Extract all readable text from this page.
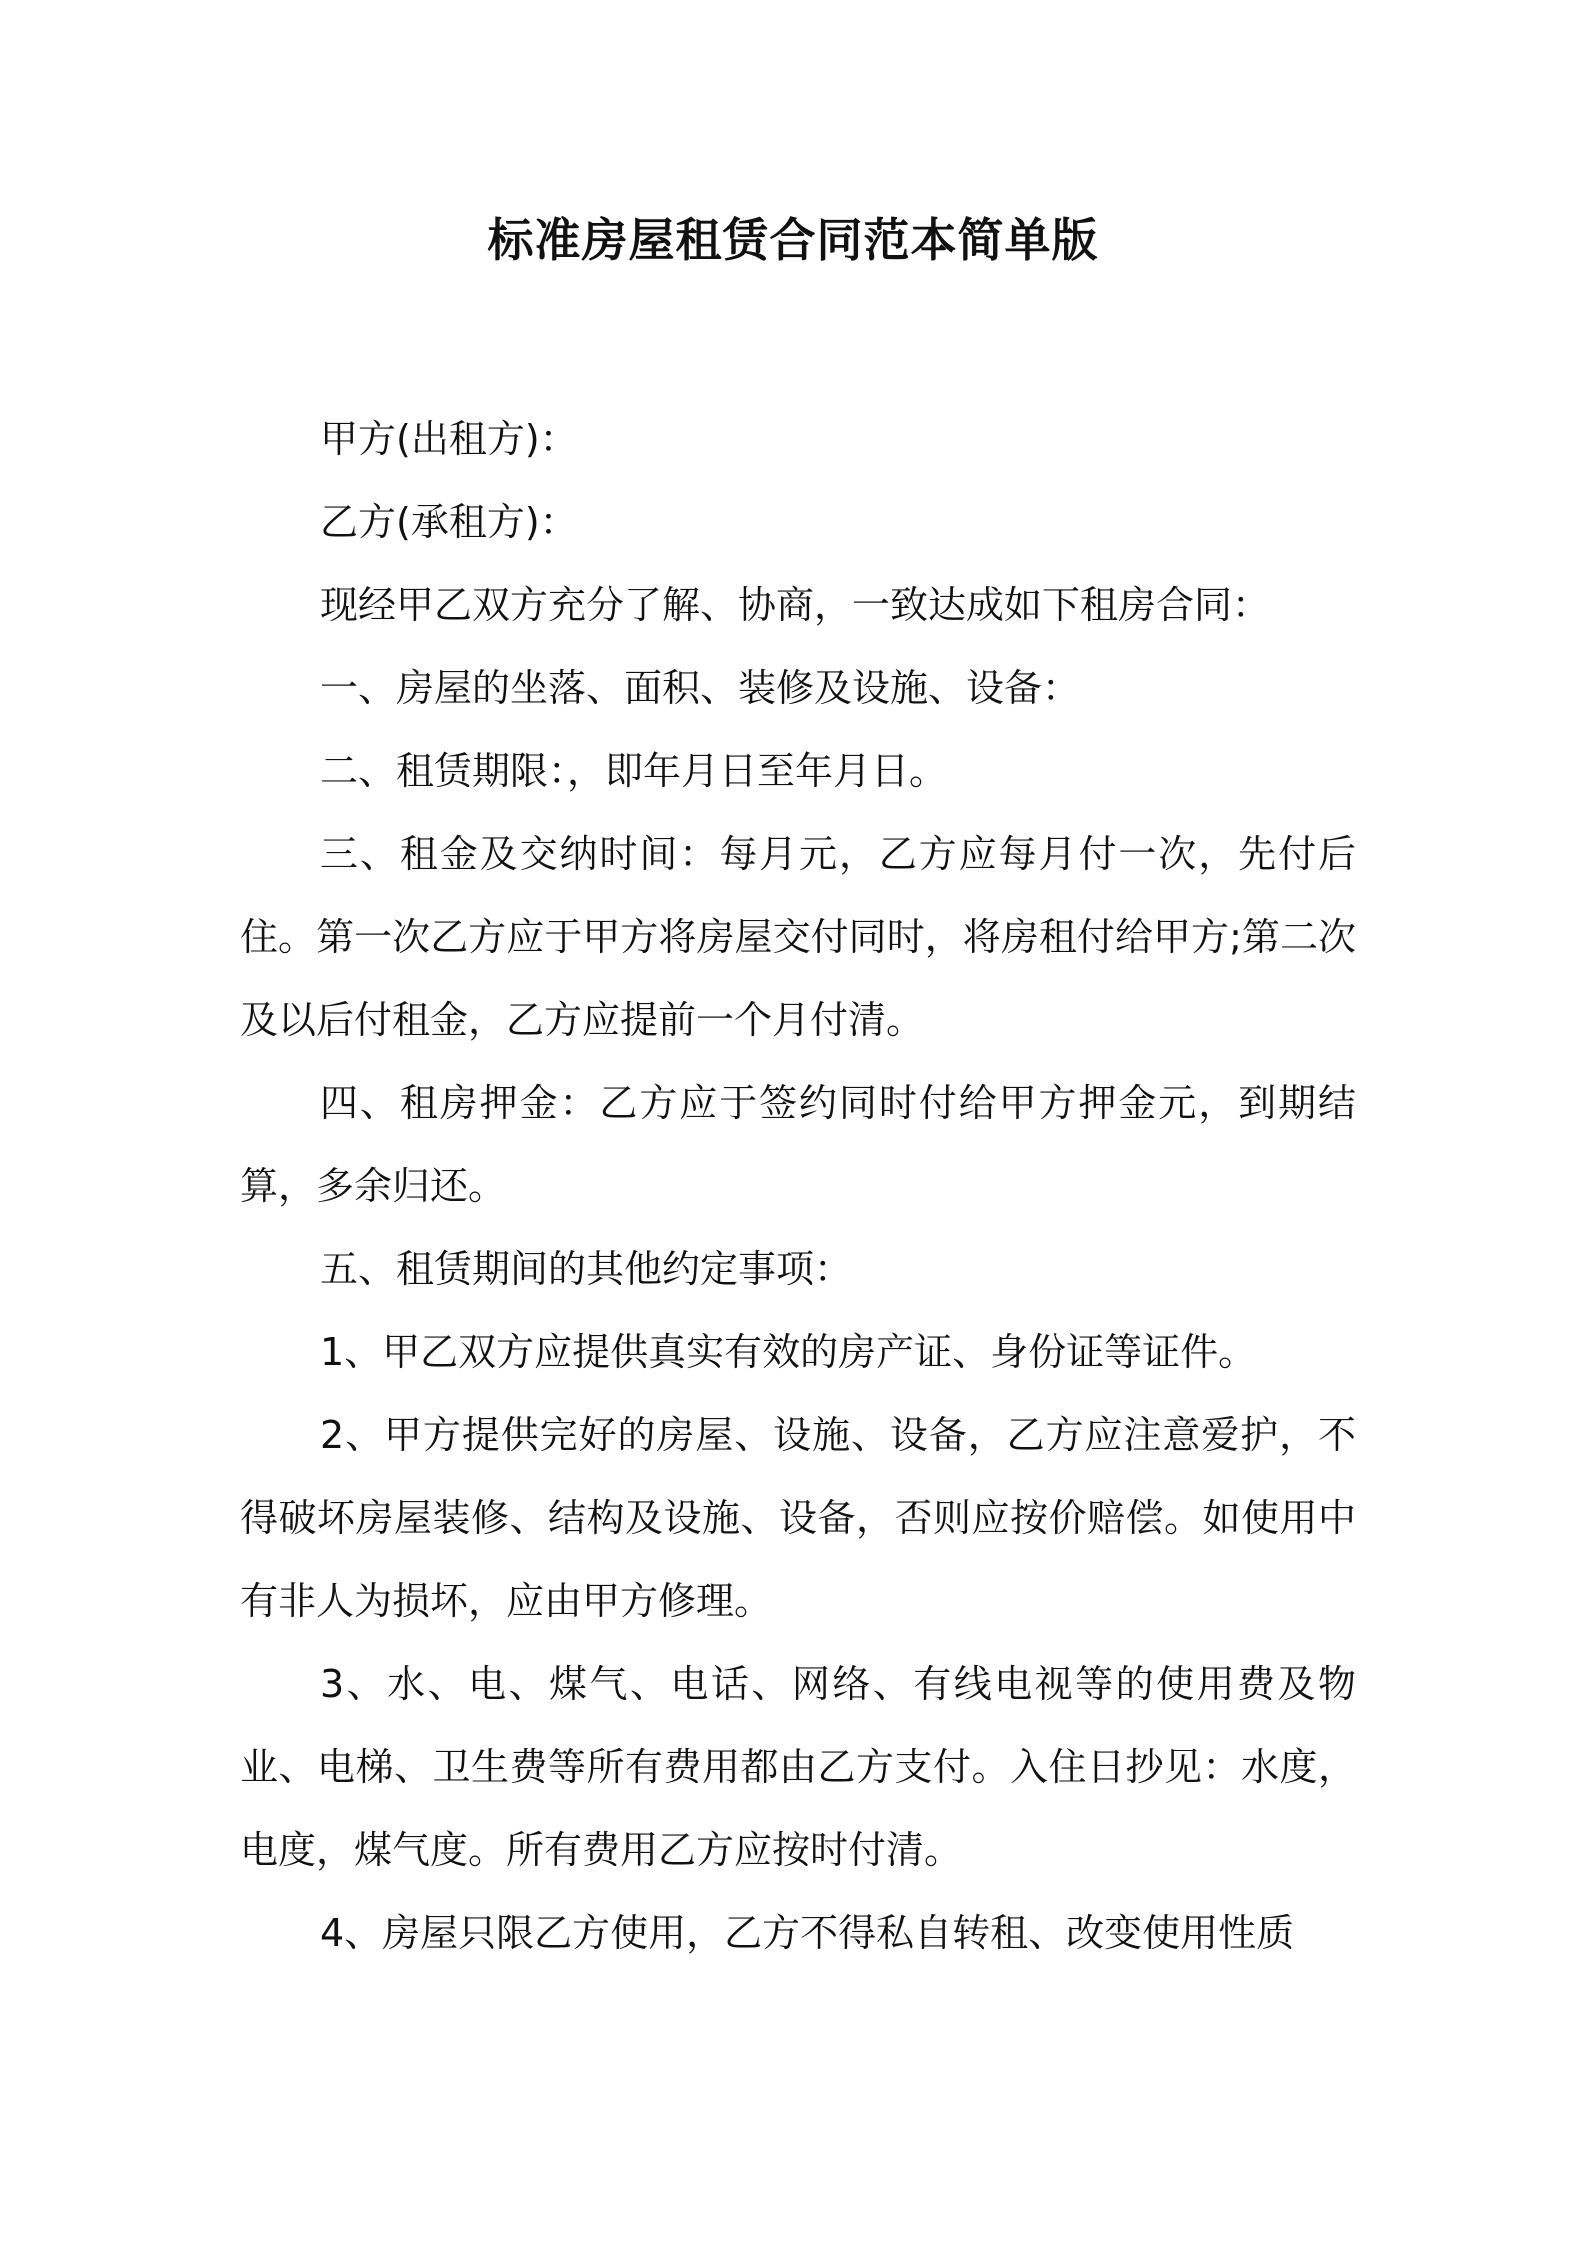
标准房屋租赁合同范本简单版

甲方(出租方)：

乙方(承租方)：

现经甲乙双方充分了解、协商，一致达成如下租房合同：

一、房屋的坐落、面积、装修及设施、设备：

二、租赁期限：，即年月日至年月日。

三、租金及交纳时间：每月元，乙方应每月付一次，先付后住。第一次乙方应于甲方将房屋交付同时，将房租付给甲方;第二次及以后付租金，乙方应提前一个月付清。

四、租房押金：乙方应于签约同时付给甲方押金元，到期结算，多余归还。

五、租赁期间的其他约定事项：

1、甲乙双方应提供真实有效的房产证、身份证等证件。

2、甲方提供完好的房屋、设施、设备，乙方应注意爱护，不得破坏房屋装修、结构及设施、设备，否则应按价赔偿。如使用中有非人为损坏，应由甲方修理。

3、水、电、煤气、电话、网络、有线电视等的使用费及物业、电梯、卫生费等所有费用都由乙方支付。入住日抄见：水度，电度，煤气度。所有费用乙方应按时付清。

4、房屋只限乙方使用，乙方不得私自转租、改变使用性质
